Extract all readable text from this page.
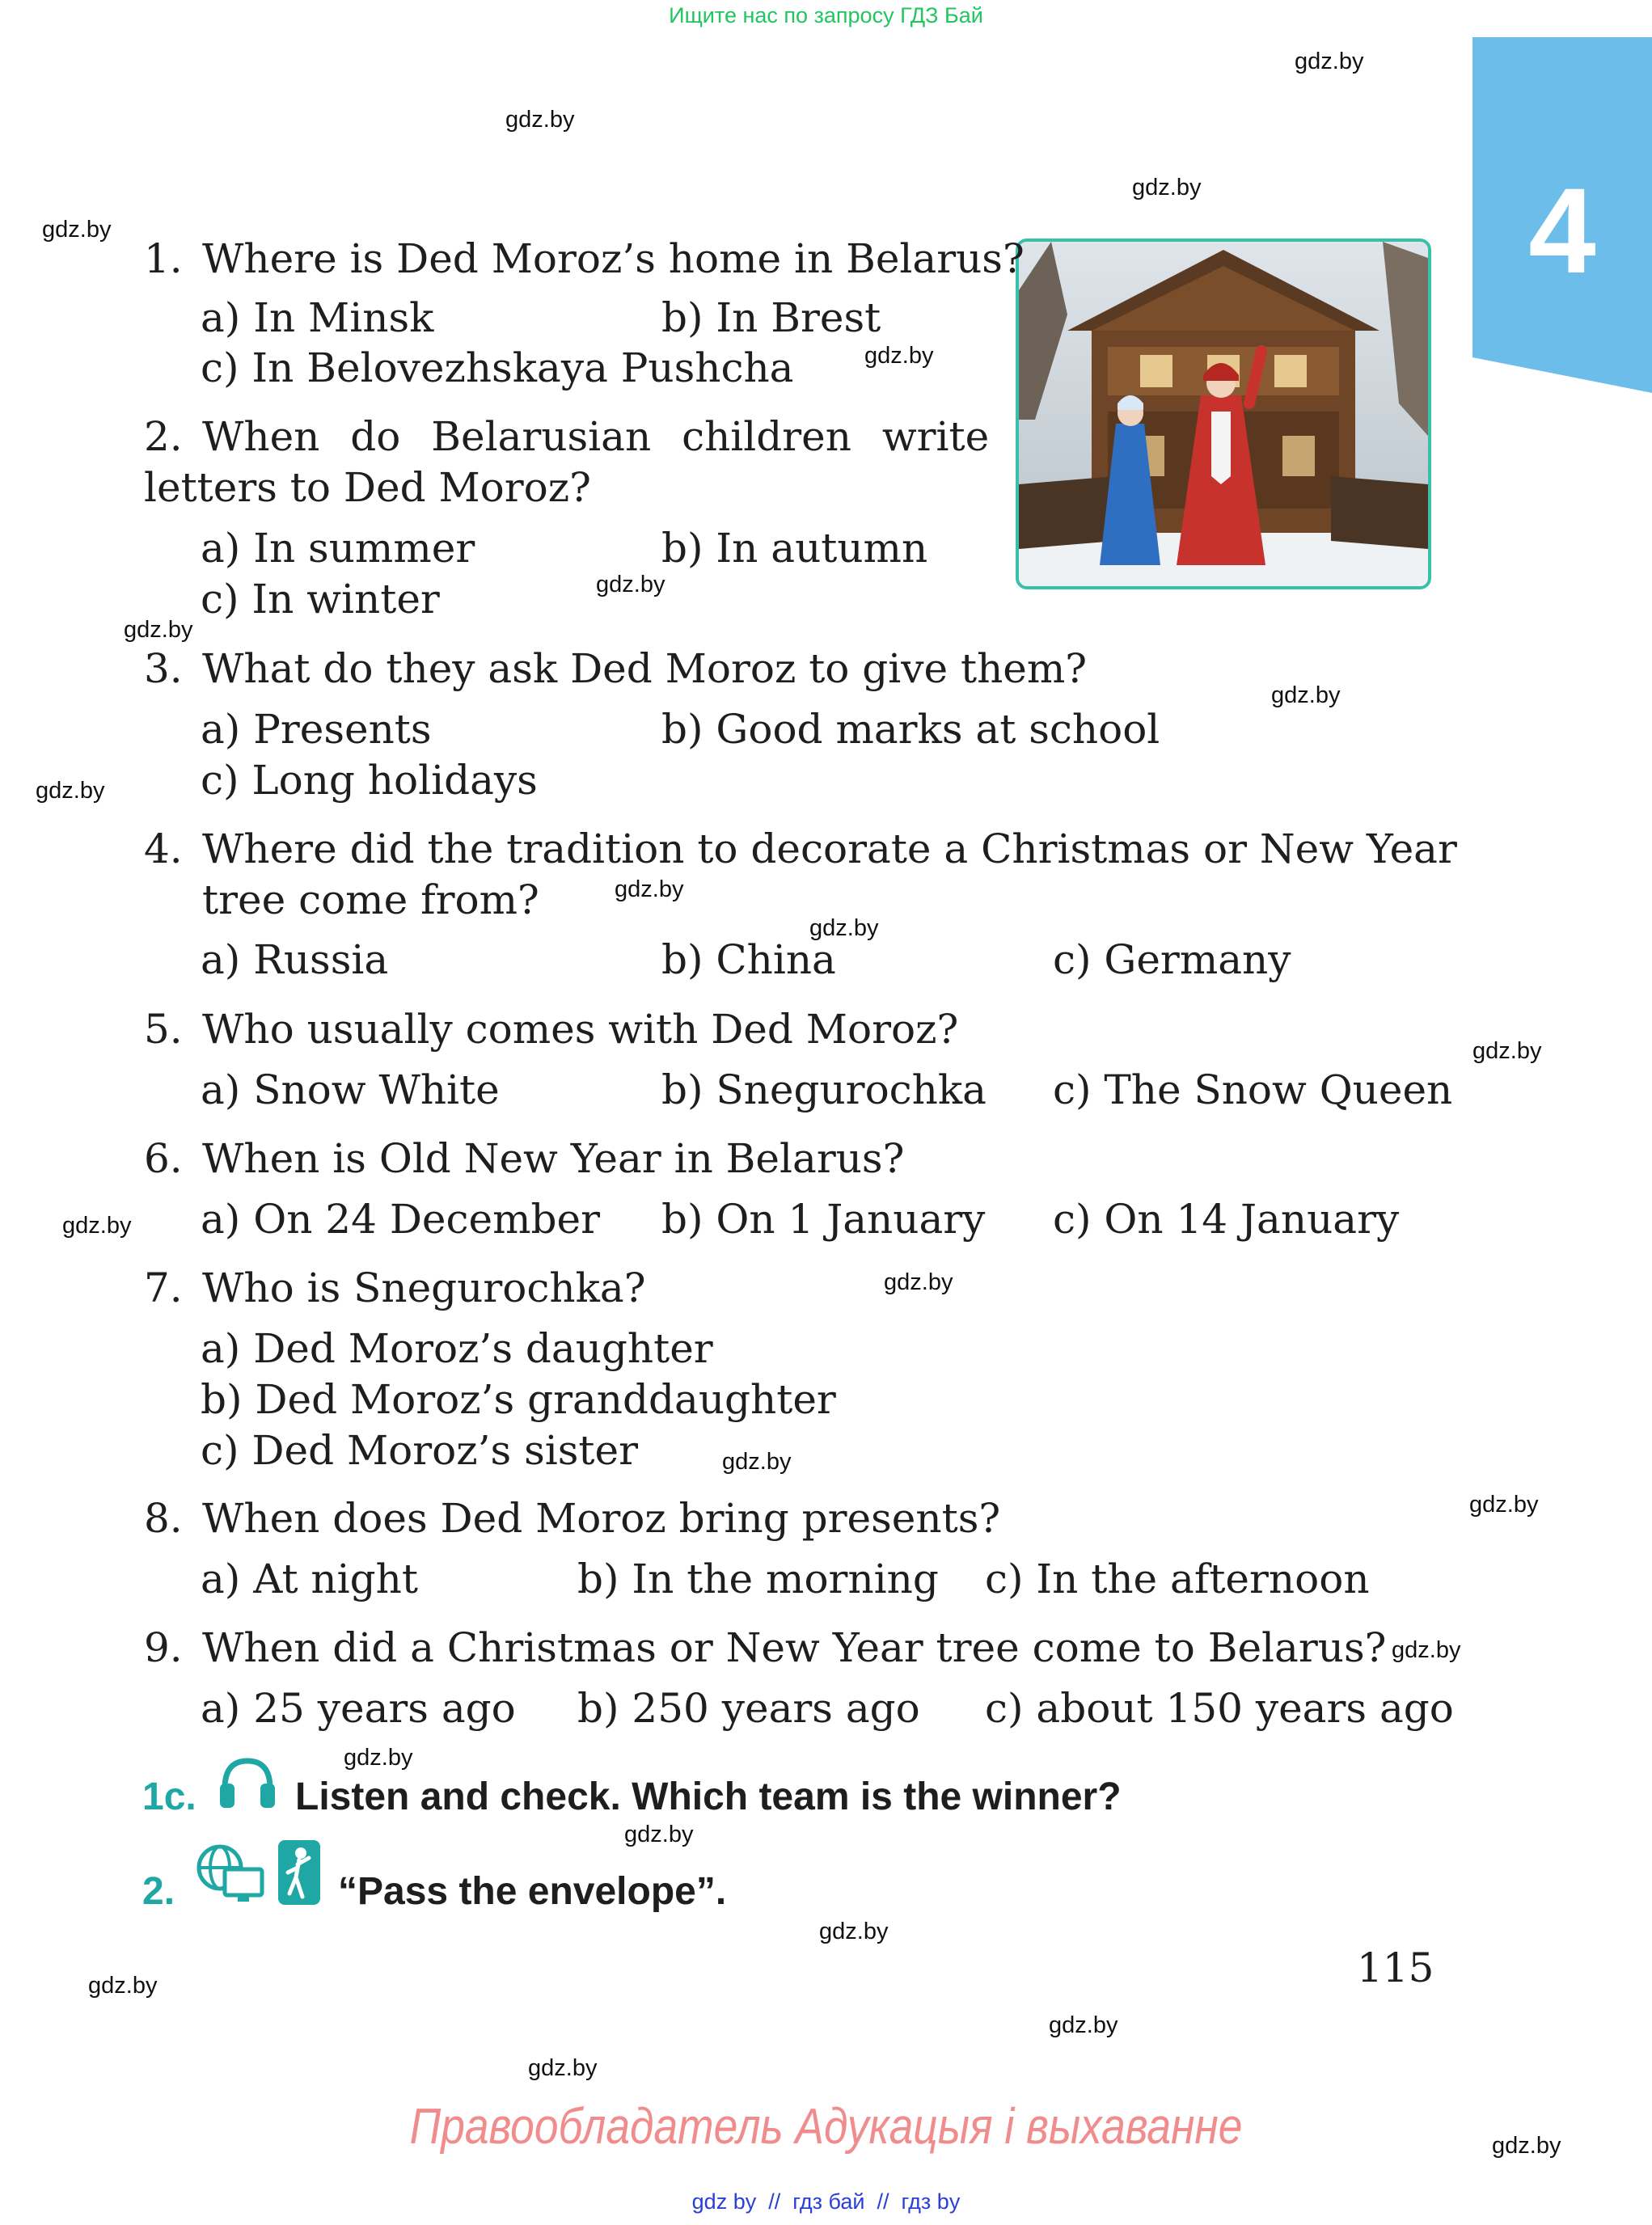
Ищите нас по запросу ГДЗ Бай
4
1. Where is Ded Moroz’s home in Belarus?
a) In Minsk	b) In Brest
c) In Belovezhskaya Pushcha
2. When do Belarusian children write
letters to Ded Moroz?
a) In summer	b) In autumn
c) In winter
3. What do they ask Ded Moroz to give them?
a) Presents	b) Good marks at school
c) Long holidays
4. Where did the tradition to decorate a Christmas or New Year
tree come from?
a) Russia	b) China	c) Germany
5. Who usually comes with Ded Moroz?
a) Snow White	b) Snegurochka c) The Snow Queen
6. When is Old New Year in Belarus?
a) On 24 December b) On 1 January c) On 14 January
7. Who is Snegurochka?
a) Ded Moroz’s daughter
b) Ded Moroz’s granddaughter
c) Ded Moroz’s sister
8. When does Ded Moroz bring presents?
a) At night	b) In the morning c) In the afternoon
9. When did a Christmas or New Year tree come to Belarus?
a) 25 years ago b) 250 years ago c) about 150 years ago
1c.	Listen and check. Which team is the winner?
2.	“Pass the envelope”.
115
gdz.by
gdz.by
gdz.by
gdz.by
gdz.by
gdz.by
gdz.by
gdz.by
gdz.by
gdz.by
gdz.by
gdz.by
gdz.by
gdz.by
gdz.by
gdz.by
gdz.by
gdz.by
gdz.by
gdz.by
gdz.by
gdz.by
gdz.by
gdz.by
Правообладатель Адукацыя і выхаванне
gdz by // гдз бай // гдз by
